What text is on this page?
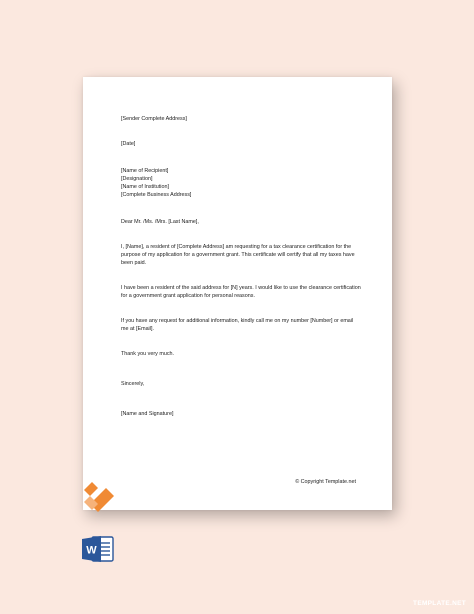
[Sender Complete Address]

[Date]

[Name of Recipient]

[Designation]

[Name of Institution]

[Complete Business Address]

Dear Mr. /Ms. /Mrs. [Last Name],

I, [Name], a resident of [Complete Address] am requesting for a tax clearance certification for the

purpose of my application for a government grant. This certificate will certify that all my taxes have

been paid.

I have been a resident of the said address for [N] years. I would like to use the clearance certification

for a government grant application for personal reasons.

If you have any request for additional information, kindly call me on my number [Number] or email

me at [Email].

Thank you very much.

Sincerely,

[Name and Signature]

© Copyright Template.net
W
TEMPLATE.NET
